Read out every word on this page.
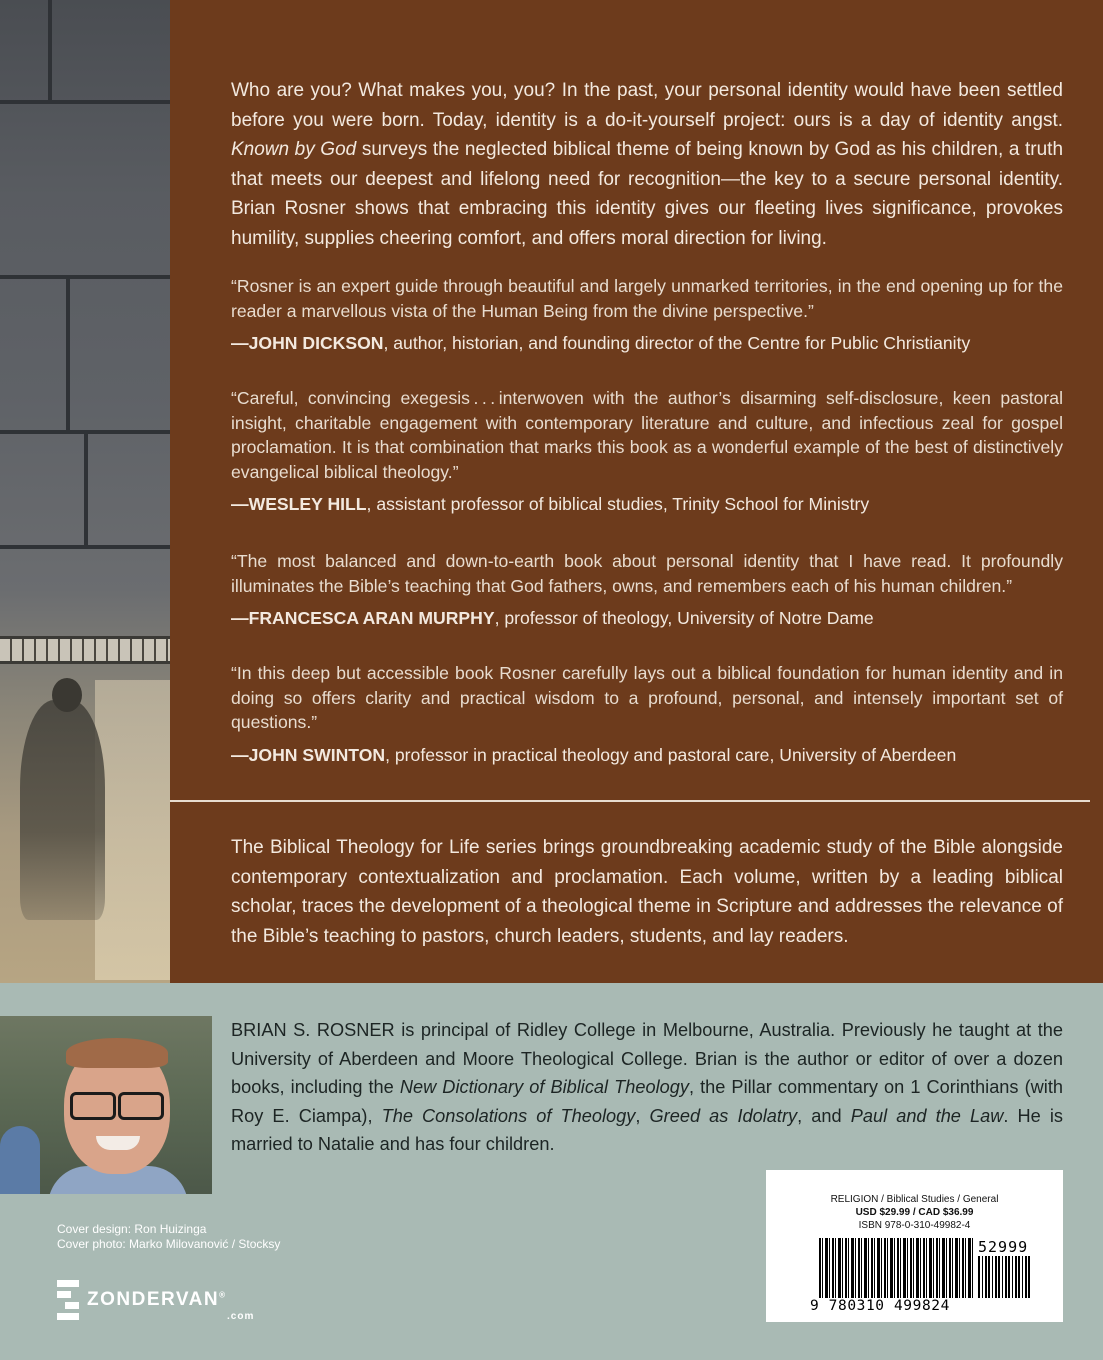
Who are you? What makes you, you? In the past, your personal identity would have been settled before you were born. Today, identity is a do-it-yourself project: ours is a day of identity angst. Known by God surveys the neglected biblical theme of being known by God as his children, a truth that meets our deepest and lifelong need for recognition—the key to a secure personal identity. Brian Rosner shows that embracing this identity gives our fleeting lives significance, provokes humility, supplies cheering comfort, and offers moral direction for living.
“Rosner is an expert guide through beautiful and largely unmarked territories, in the end opening up for the reader a marvellous vista of the Human Being from the divine perspective.”
—JOHN DICKSON, author, historian, and founding director of the Centre for Public Christianity
“Careful, convincing exegesis . . . interwoven with the author’s disarming self-disclosure, keen pastoral insight, charitable engagement with contemporary literature and culture, and infectious zeal for gospel proclamation. It is that combination that marks this book as a wonderful example of the best of distinctively evangelical biblical theology.”
—WESLEY HILL, assistant professor of biblical studies, Trinity School for Ministry
“The most balanced and down-to-earth book about personal identity that I have read. It profoundly illuminates the Bible’s teaching that God fathers, owns, and remembers each of his human children.”
—FRANCESCA ARAN MURPHY, professor of theology, University of Notre Dame
“In this deep but accessible book Rosner carefully lays out a biblical foundation for human identity and in doing so offers clarity and practical wisdom to a profound, personal, and intensely important set of questions.”
—JOHN SWINTON, professor in practical theology and pastoral care, University of Aberdeen
The Biblical Theology for Life series brings groundbreaking academic study of the Bible alongside contemporary contextualization and proclamation. Each volume, written by a leading biblical scholar, traces the development of a theological theme in Scripture and addresses the relevance of the Bible’s teaching to pastors, church leaders, students, and lay readers.
BRIAN S. ROSNER is principal of Ridley College in Melbourne, Australia. Previously he taught at the University of Aberdeen and Moore Theological College. Brian is the author or editor of over a dozen books, including the New Dictionary of Biblical Theology, the Pillar commentary on 1 Corinthians (with Roy E. Ciampa), The Consolations of Theology, Greed as Idolatry, and Paul and the Law. He is married to Natalie and has four children.
Cover design: Ron Huizinga
Cover photo: Marko Milovanović / Stocksy
ZONDERVAN®
.com
RELIGION / Biblical Studies / General
USD $29.99 / CAD $36.99
ISBN 978-0-310-49982-4
52999
9 780310 499824
